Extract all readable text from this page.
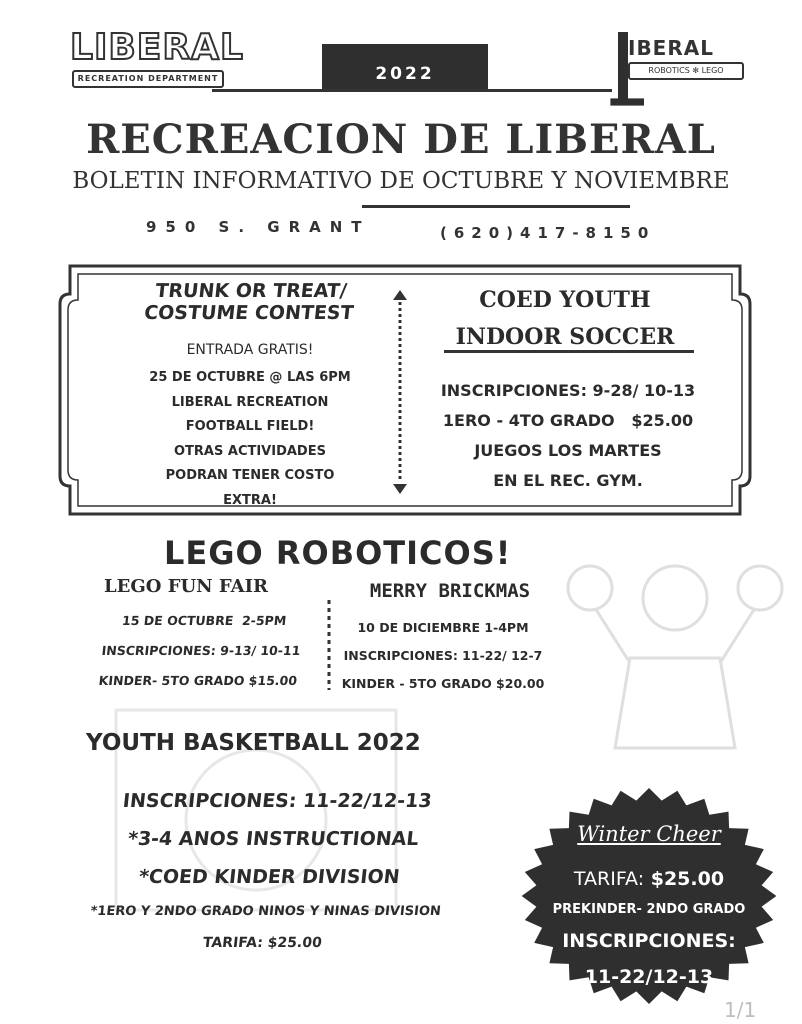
LIBERAL
RECREATION DEPARTMENT	2022
IBERAL
ROBOTICS ✻ LEGO
RECREACION DE LIBERAL
BOLETIN INFORMATIVO DE OCTUBRE Y NOVIEMBRE
950 S. GRANT	(620)417-8150
TRUNK OR TREAT/
COSTUME CONTEST
ENTRADA GRATIS!
25 DE OCTUBRE @ LAS 6PM
LIBERAL RECREATION
FOOTBALL FIELD!
OTRAS ACTIVIDADES
PODRAN TENER COSTO
EXTRA!
COED YOUTH
INDOOR SOCCER
INSCRIPCIONES: 9-28/ 10-13
1ERO - 4TO GRADO   $25.00
JUEGOS LOS MARTES
EN EL REC. GYM.
LEGO ROBOTICOS!
LEGO FUN FAIR
15 DE OCTUBRE  2-5PM
INSCRIPCIONES: 9-13/ 10-11
KINDER- 5TO GRADO $15.00
MERRY BRICKMAS
10 DE DICIEMBRE 1-4PM
INSCRIPCIONES: 11-22/ 12-7
KINDER - 5TO GRADO $20.00
YOUTH BASKETBALL 2022
INSCRIPCIONES: 11-22/12-13
*3-4 ANOS INSTRUCTIONAL
*COED KINDER DIVISION
*1ERO Y 2NDO GRADO NINOS Y NINAS DIVISION
TARIFA: $25.00
Winter Cheer
TARIFA: $25.00
PREKINDER- 2NDO GRADO
INSCRIPCIONES:
11-22/12-13
1/1
